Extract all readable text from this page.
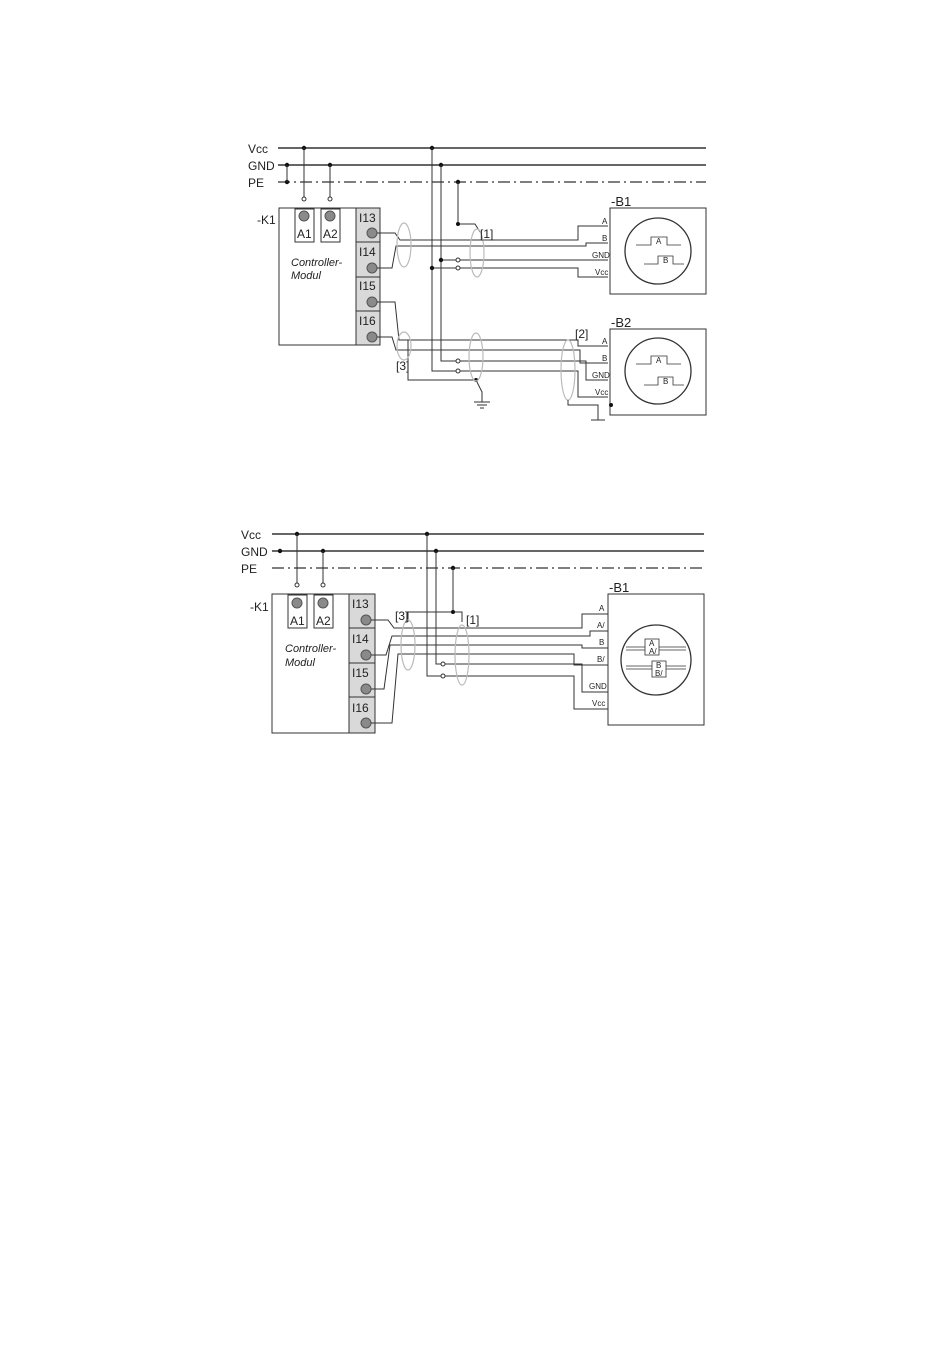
Vcc
GND
PE
-K1
A1 A2
Controller-
Modul
I13
I14
I15
I16
[1]
[2]
[3]
-B1
A
B
GND
Vcc
A
B
-B2
A
B
GND
Vcc
A
B
Vcc
GND
PE
-K1
A1 A2
Controller-
Modul
I13
I14
I15
I16
[3]	[1]
-B1
A
A/
B
B/
GND
Vcc
A
A/
B
B/
